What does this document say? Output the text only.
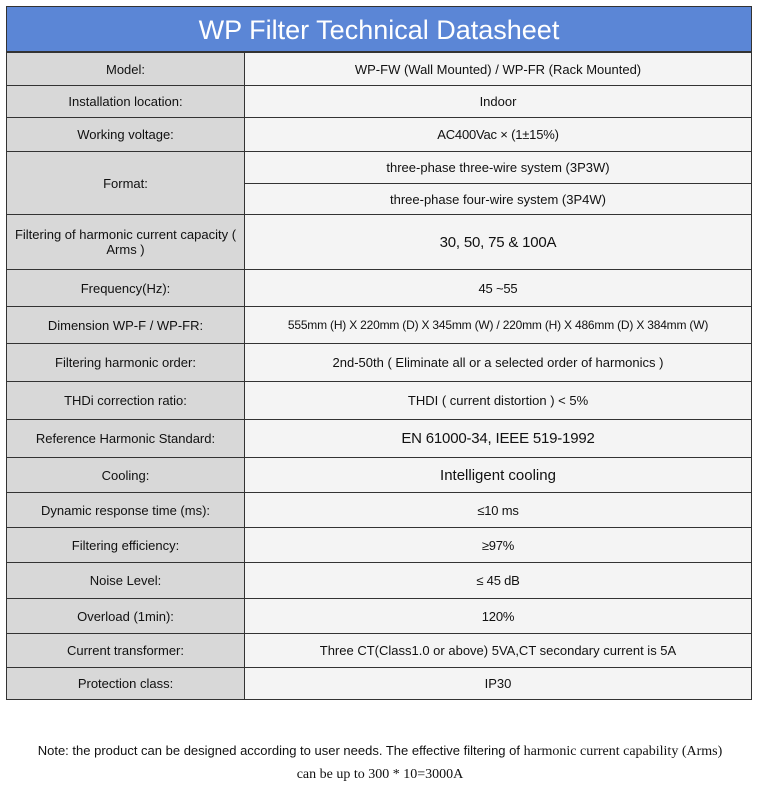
WP Filter Technical Datasheet
Model:	WP-FW (Wall Mounted) / WP-FR (Rack Mounted)
Installation location:	Indoor
Working voltage:	AC400Vac × (1±15%)
Format:	three-phase three-wire system (3P3W)
	three-phase four-wire system (3P4W)
Filtering of harmonic current capacity ( Arms )	30, 50, 75 & 100A
Frequency(Hz):	45 ~55
Dimension WP-F / WP-FR:	555mm (H) X 220mm (D) X 345mm (W) / 220mm (H) X 486mm (D) X 384mm (W)
Filtering harmonic order:	2nd-50th ( Eliminate all or a selected order of harmonics )
THDi correction ratio:	THDI ( current distortion ) < 5%
Reference Harmonic Standard:	EN 61000-34, IEEE 519-1992
Cooling:	Intelligent cooling
Dynamic response time (ms):	≤10 ms
Filtering efficiency:	≥97%
Noise Level:	≤ 45 dB
Overload (1min):	120%
Current transformer:	Three CT(Class1.0 or above) 5VA,CT secondary current is 5A
Protection class:	IP30
Note: the product can be designed according to user needs. The effective filtering of harmonic current capability (Arms) can be up to 300 * 10=3000A
